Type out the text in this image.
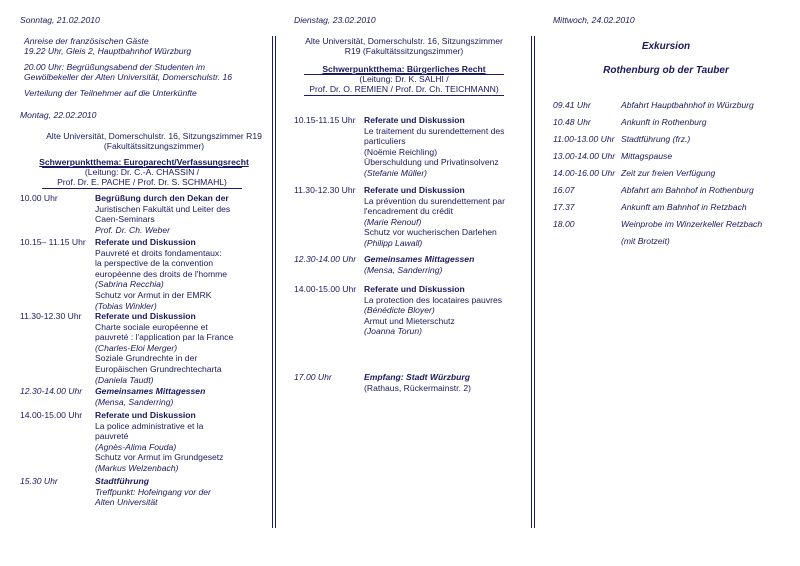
Sonntag, 21.02.2010
Anreise der französischen Gäste
19.22 Uhr, Gleis 2, Hauptbahnhof Würzburg
20.00 Uhr: Begrüßungsabend der Studenten im
Gewölbekeller der Alten Universität, Domerschulstr. 16
Verteilung der Teilnehmer auf die Unterkünfte
Montag, 22.02.2010
Alte Universität, Domerschulstr. 16, Sitzungszimmer R19
(Fakultätssitzungszimmer)
Schwerpunktthema: Europarecht/Verfassungsrecht
(Leitung: Dr. C.-A. CHASSIN /
Prof. Dr. E. PACHE / Prof. Dr. S. SCHMAHL)
10.00 Uhr	Begrüßung durch den Dekan der
Juristischen Fakultät und Leiter des
Caen-Seminars
Prof. Dr. Ch. Weber
10.15– 11.15 Uhr Referate und Diskussion
Pauvreté et droits fondamentaux:
la perspective de la convention
européenne des droits de l'homme
(Sabrina Recchia)
Schutz vor Armut in der EMRK
(Tobias Winkler)
11.30-12.30 Uhr Referate und Diskussion
Charte sociale européenne et
pauvreté : l'application par la France
(Charles-Eloi Merger)
Soziale Grundrechte in der
Europäischen Grundrechtecharta
(Daniela Taudt)
12.30-14.00 Uhr Gemeinsames Mittagessen
(Mensa, Sanderring)
14.00-15.00 Uhr Referate und Diskussion
La police administrative et la
pauvreté
(Agnès-Alima Fouda)
Schutz vor Armut im Grundgesetz
(Markus Welzenbach)
15.30 Uhr	Stadtführung
Treffpunkt: Hofeingang vor der
Alten Universität
Dienstag, 23.02.2010
Alte Universität, Domerschulstr. 16, Sitzungszimmer
R19 (Fakultätssitzungszimmer)
Schwerpunktthema: Bürgerliches Recht
(Leitung: Dr. K. SALHI /
Prof. Dr. O. REMIEN / Prof. Dr. Ch. TEICHMANN)
10.15-11.15 Uhr Referate und Diskussion
Le traitement du surendettement des
particuliers
(Noëmie Reichling)
Überschuldung und Privatinsolvenz
(Stefanie Müller)
11.30-12.30 Uhr Referate und Diskussion
La prévention du surendettement par
l'encadrement du crédit
(Marie Renouf)
Schutz vor wucherischen Darlehen
(Philipp Lawall)
12.30-14.00 Uhr Gemeinsames Mittagessen
(Mensa, Sanderring)
14.00-15.00 Uhr Referate und Diskussion
La protection des locataires pauvres
(Bénédicte Bloyer)
Armut und Mieterschutz
(Joanna Torun)
17.00 Uhr	Empfang: Stadt Würzburg
(Rathaus, Rückermainstr. 2)
Mittwoch, 24.02.2010
Exkursion
Rothenburg ob der Tauber
09.41 Uhr	Abfahrt Hauptbahnhof in Würzburg
10.48 Uhr	Ankunft in Rothenburg
11.00-13.00 Uhr Stadtführung (frz.)
13.00-14.00 Uhr Mittagspause
14.00-16.00 Uhr Zeit zur freien Verfügung
16.07	Abfahrt am Bahnhof in Rothenburg
17.37	Ankunft am Bahnhof in Retzbach
18.00	Weinprobe im Winzerkeller Retzbach
(mit Brotzeit)
